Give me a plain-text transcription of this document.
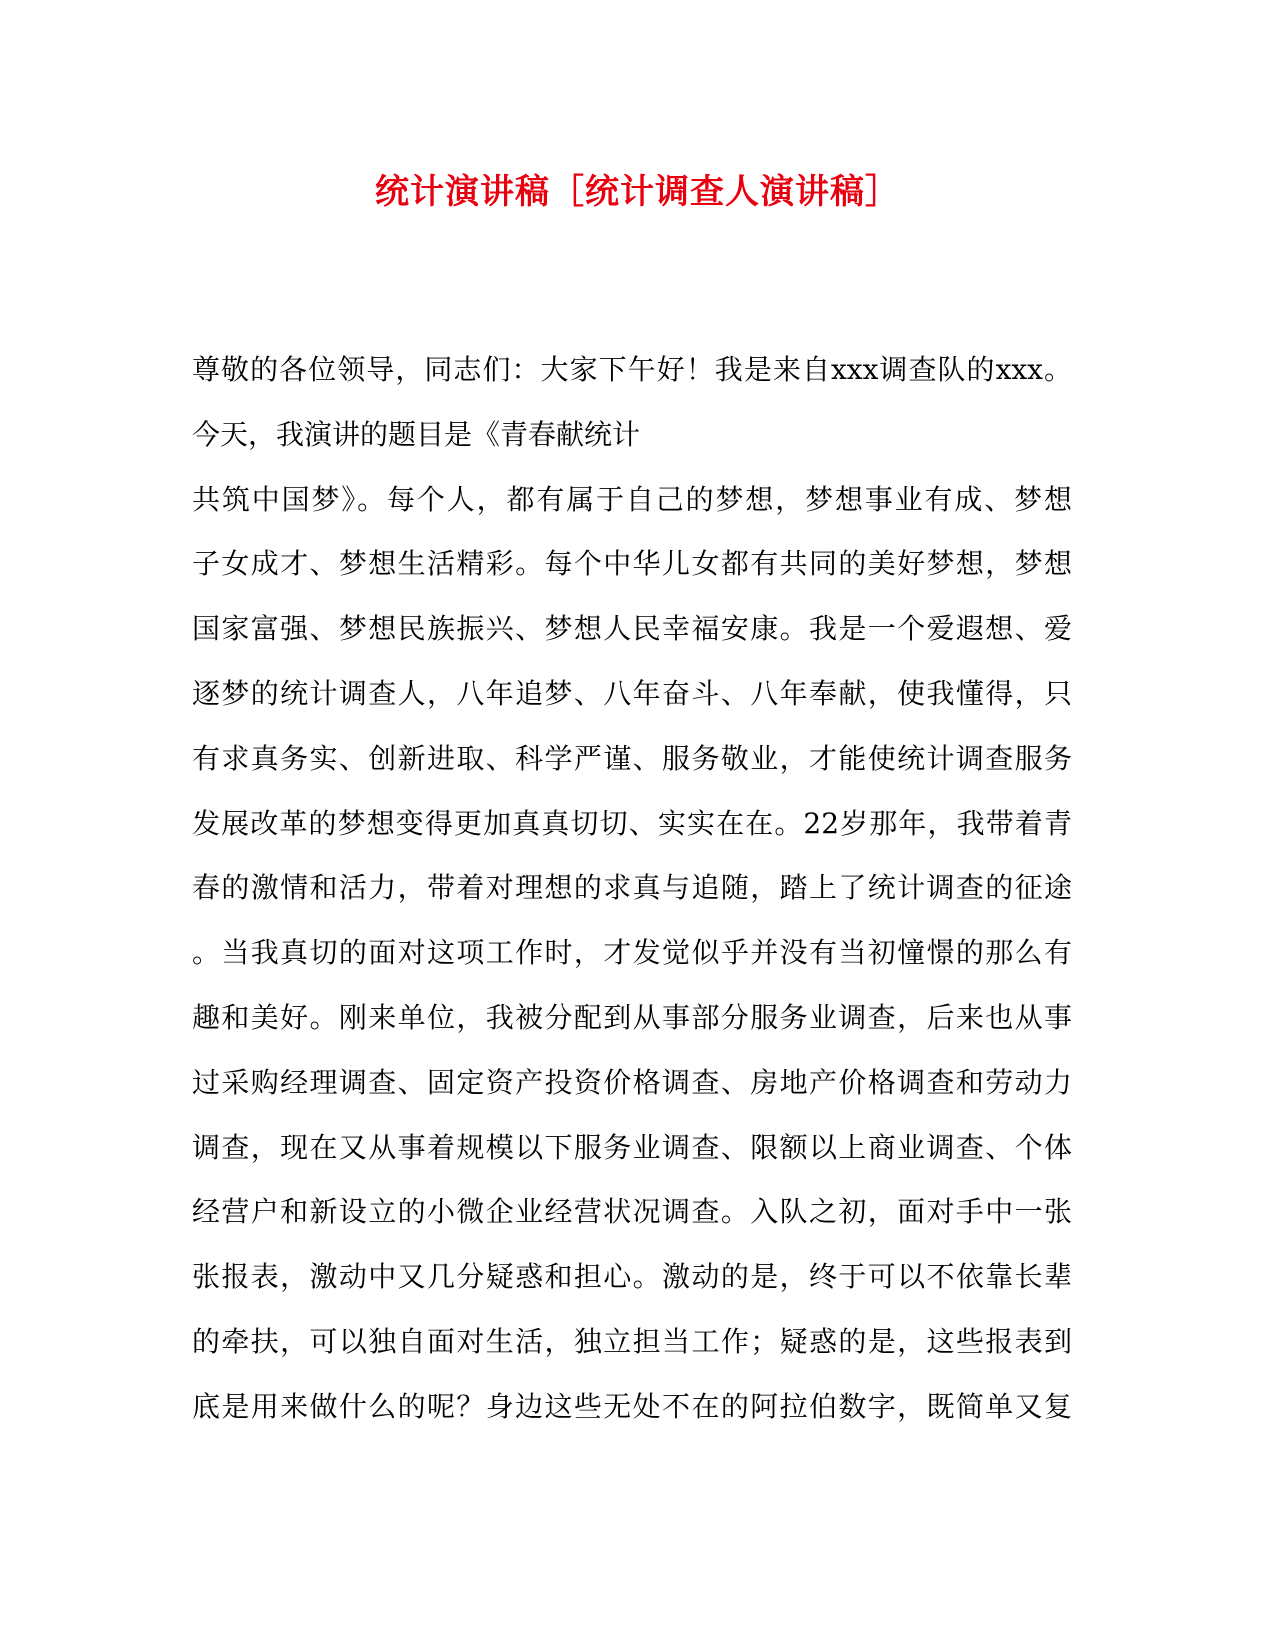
统计演讲稿［统计调查人演讲稿］
尊敬的各位领导，同志们：大家下午好！我是来自xxx调查队的xxx。
今天，我演讲的题目是《青春献统计
共筑中国梦》。每个人，都有属于自己的梦想，梦想事业有成、梦想
子女成才、梦想生活精彩。每个中华儿女都有共同的美好梦想，梦想
国家富强、梦想民族振兴、梦想人民幸福安康。我是一个爱遐想、爱
逐梦的统计调查人，八年追梦、八年奋斗、八年奉献，使我懂得，只
有求真务实、创新进取、科学严谨、服务敬业，才能使统计调查服务
发展改革的梦想变得更加真真切切、实实在在。22岁那年，我带着青
春的激情和活力，带着对理想的求真与追随，踏上了统计调查的征途
。当我真切的面对这项工作时，才发觉似乎并没有当初憧憬的那么有
趣和美好。刚来单位，我被分配到从事部分服务业调查，后来也从事
过采购经理调查、固定资产投资价格调查、房地产价格调查和劳动力
调查，现在又从事着规模以下服务业调查、限额以上商业调查、个体
经营户和新设立的小微企业经营状况调查。入队之初，面对手中一张
张报表，激动中又几分疑惑和担心。激动的是，终于可以不依靠长辈
的牵扶，可以独自面对生活，独立担当工作；疑惑的是，这些报表到
底是用来做什么的呢？身边这些无处不在的阿拉伯数字，既简单又复
